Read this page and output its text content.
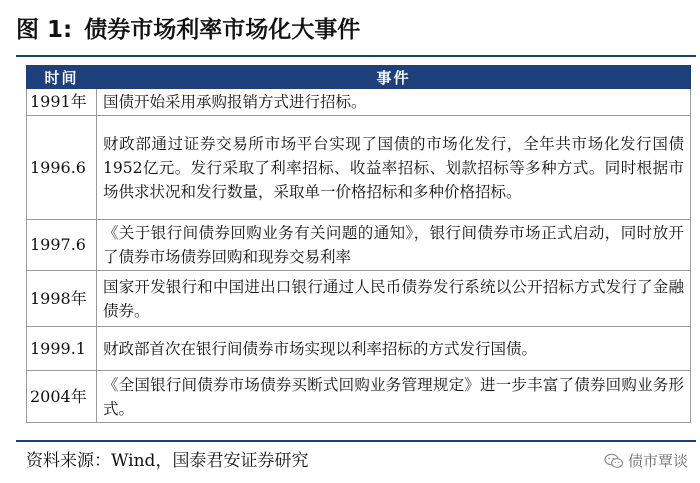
图 1: 债券市场利率市场化大事件
时间	事件
1991年	国债开始采用承购报销方式进行招标。
1996.6	财政部通过证券交易所市场平台实现了国债的市场化发行，全年共市场化发行国债1952亿元。发行采取了利率招标、收益率招标、划款招标等多种方式。同时根据市场供求状况和发行数量，采取单一价格招标和多种价格招标。
1997.6	《关于银行间债券回购业务有关问题的通知》，银行间债券市场正式启动，同时放开了债券市场债券回购和现券交易利率
1998年	国家开发银行和中国进出口银行通过人民币债券发行系统以公开招标方式发行了金融债券。
1999.1	财政部首次在银行间债券市场实现以利率招标的方式发行国债。
2004年	《全国银行间债券市场债券买断式回购业务管理规定》进一步丰富了债券回购业务形式。
资料来源：Wind，国泰君安证券研究	债市覃谈
